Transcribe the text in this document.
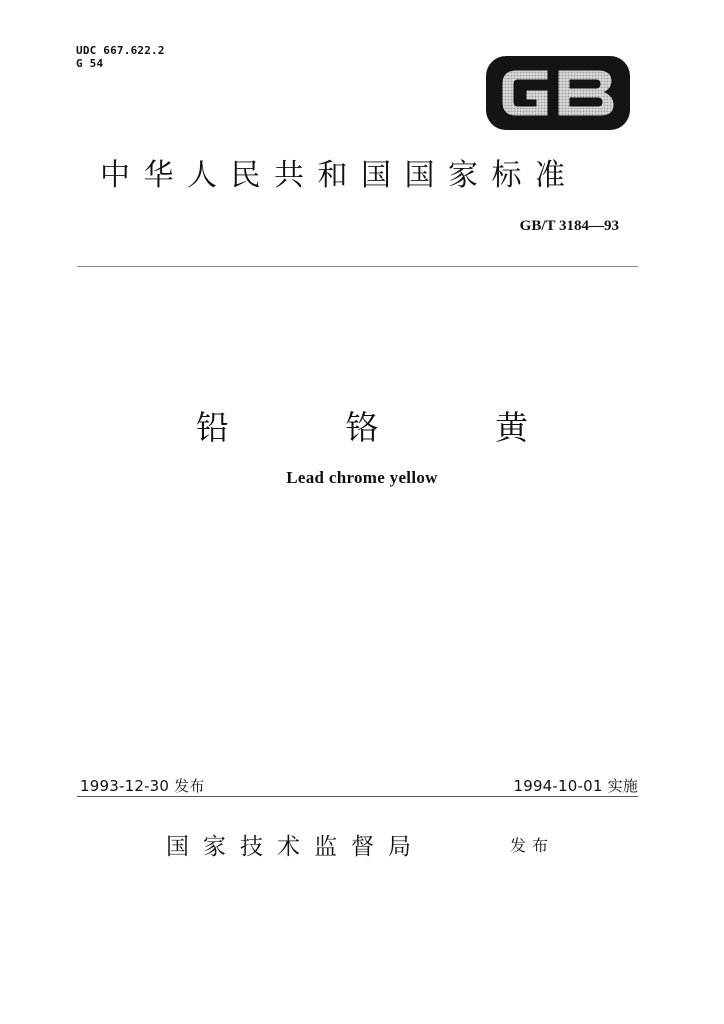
UDC 667.622.2
G 54
中华人民共和国国家标准
GB/T 3184—93
铅	铬	黄
Lead chrome yellow
1993-12-30 发布	1994-10-01 实施
国家技术监督局	发布
